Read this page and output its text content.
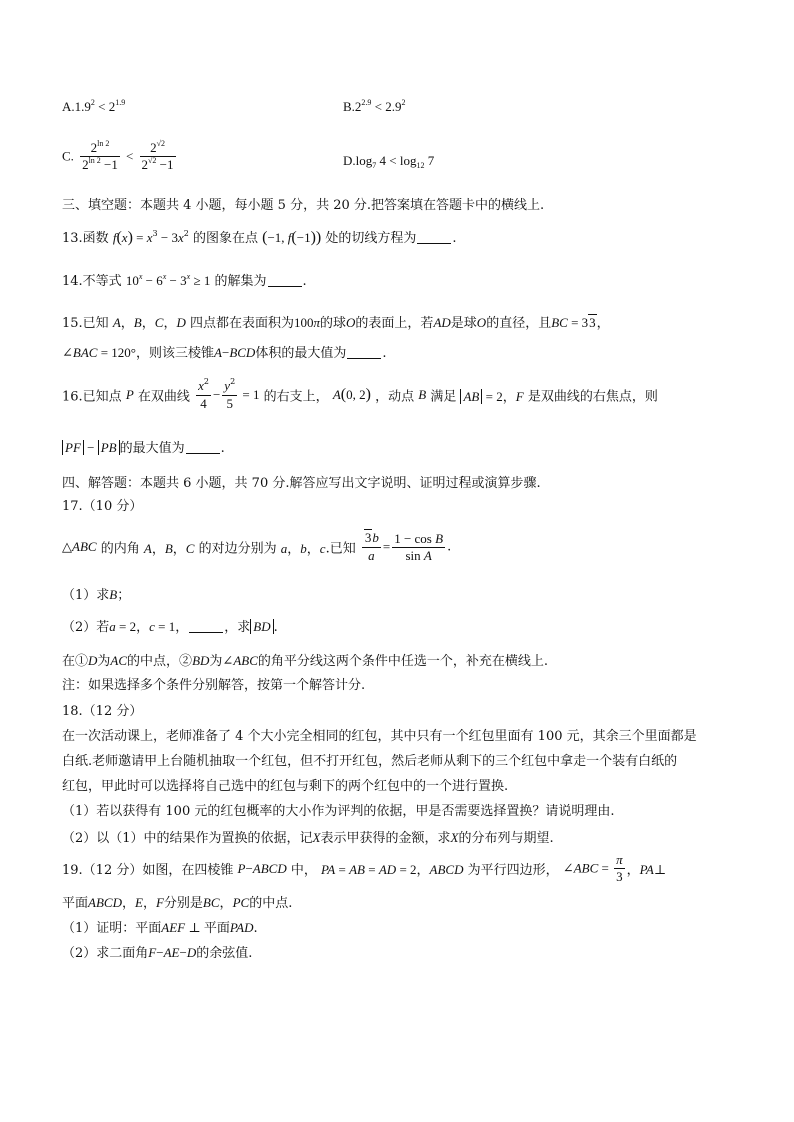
$A.1.9^2 < 2^{1.9}$	$B.2^{2.9} < 2.9^2$
C. $\frac{2^{ln 2}}{2^{ln 2} -1} < \frac{2^{√2}}{2^{√2} -1}$	$D.\log_7$ $4 < \log_{12} 7$
三、填空题：本题共 4 小题，每小题 5 分，共 20 分.把答案填在答题卡中的横线上.
13.函数 $f(x) = x^3 - 3x^2$ 的图象在点 (−1, f(−1)) 处的切线方程为	.
14.不等式 $10^x - 6^x - 3^x \ge 1$ 的解集为	.
15.已知 A，B，C，D 四点都在表面积为100π的球O的表面上，若AD是球O的直径，且BC = 33，
∠BAC = 120°，则该三棱锥A−BCD体积的最大值为	.
16.已知点 P 在双曲线 $\frac{x^2}{4} - \frac{y^2}{5} = 1$ 的右支上， A(0, 2) ，动点 B 满足 AB = 2，F 是双曲线的右焦点，则
PF − PB 的最大值为	.
四、解答题：本题共 6 小题，共 70 分.解答应写出文字说明、证明过程或演算步骤.
17.（10 分）
△ABC 的内角 A，B，C 的对边分别为 a，b，c.已知 $\frac{3b}{a} = \frac{\text{1 − cos B}}{\text{sin A}}$ .
（1）求B；
（2）若a = 2，c = 1，	，求 BD .
在①D为AC的中点，②BD为∠ABC的角平分线这两个条件中任选一个，补充在横线上.
注：如果选择多个条件分别解答，按第一个解答计分.
18.（12 分）
在一次活动课上，老师准备了 4 个大小完全相同的红包，其中只有一个红包里面有 100 元，其余三个里面都是
白纸.老师邀请甲上台随机抽取一个红包，但不打开红包，然后老师从剩下的三个红包中拿走一个装有白纸的
红包，甲此时可以选择将自己选中的红包与剩下的两个红包中的一个进行置换.
（1）若以获得有 100 元的红包概率的大小作为评判的依据，甲是否需要选择置换？请说明理由.
（2）以（1）中的结果作为置换的依据，记X表示甲获得的金额，求X的分布列与期望.
19.（12 分）如图，在四棱锥 P−ABCD 中， PA = AB = AD = 2，ABCD 为平行四边形， ∠ABC = $\frac{\pi}{3}$ ，PA⊥
平面ABCD，E，F分别是BC，PC的中点.
（1）证明：平面AEF ⊥ 平面PAD.
（2）求二面角F−AE−D的余弦值.
